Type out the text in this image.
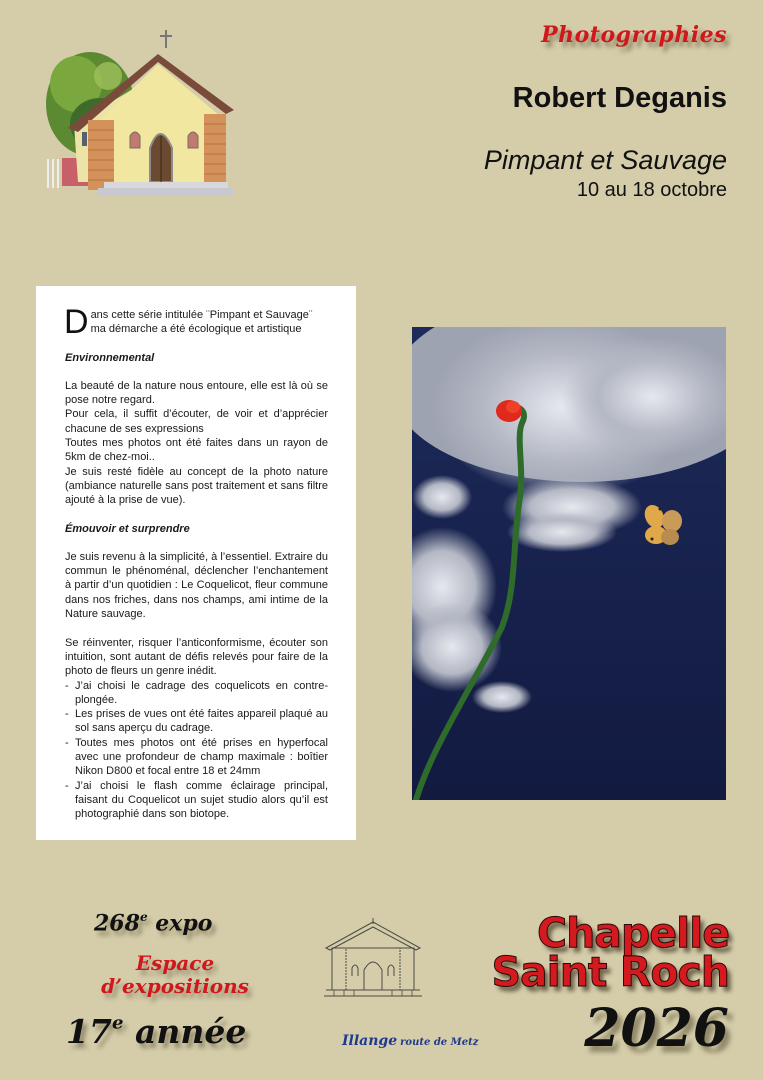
Photographies
Robert Deganis
Pimpant et Sauvage
10 au 18 octobre
D ans cette série intitulée ¨Pimpant et Sauvage¨
ma démarche a été écologique et artistique
Environnemental

La beauté de la nature nous entoure, elle est là où se pose notre regard.

Pour cela, il suffit d’écouter, de voir et d’apprécier chacune de ses expressions

Toutes mes photos ont été faites dans un rayon de 5km de chez-moi..

Je suis resté fidèle au concept de la photo nature (ambiance naturelle sans post traitement et sans filtre ajouté à la prise de vue).

Émouvoir et surprendre

Je suis revenu à la simplicité, à l’essentiel. Extraire du commun le phénoménal, déclencher l’enchantement à partir d’un quotidien : Le Coquelicot, fleur commune dans nos friches, dans nos champs, ami intime de la Nature sauvage.

Se réinventer, risquer l’anticonformisme, écouter son intuition, sont autant de défis relevés pour faire de la photo de fleurs un genre inédit.

- J’ai choisi le cadrage des coquelicots en contre-plongée.
- Les prises de vues ont été faites appareil plaqué au sol sans aperçu du cadrage.
- Toutes mes photos ont été prises en hyperfocal avec une profondeur de champ maximale : boîtier Nikon D800 et focal entre 18 et 24mm
- J’ai choisi le flash comme éclairage principal, faisant du Coquelicot un sujet studio alors qu’il est photographié dans son biotope.
268e expo
Espace
d’expositions
17e année	Illange route de Metz
Chapelle
Saint Roch
2026
